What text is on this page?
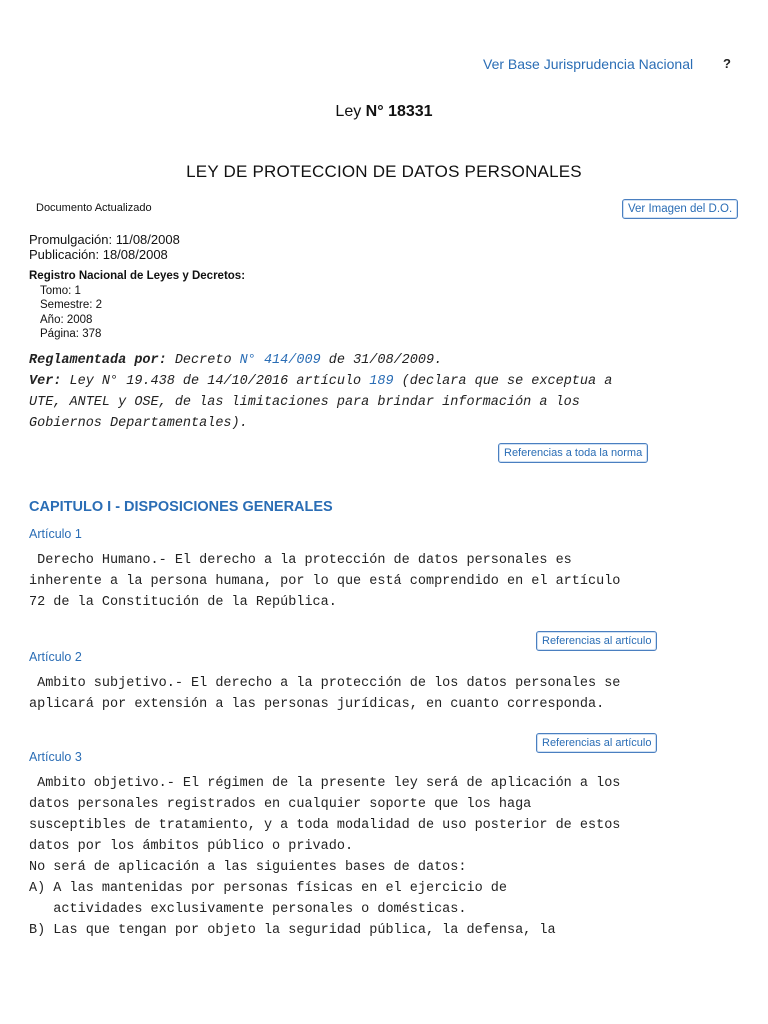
Ver Base Jurisprudencia Nacional ?
Ley N° 18331
LEY DE PROTECCION DE DATOS PERSONALES
Documento Actualizado	Ver Imagen del D.O.
Promulgación: 11/08/2008
Publicación: 18/08/2008
Registro Nacional de Leyes y Decretos:
Tomo: 1
Semestre: 2
Año: 2008
Página: 378
Reglamentada por: Decreto N° 414/009 de 31/08/2009.
Ver: Ley N° 19.438 de 14/10/2016 artículo 189 (declara que se exceptua a
UTE, ANTEL y OSE, de las limitaciones para brindar información a los
Gobiernos Departamentales).
Referencias a toda la norma
CAPITULO I - DISPOSICIONES GENERALES
Artículo 1
Derecho Humano.- El derecho a la protección de datos personales es
inherente a la persona humana, por lo que está comprendido en el artículo
72 de la Constitución de la República.
Referencias al artículo
Artículo 2
Ambito subjetivo.- El derecho a la protección de los datos personales se
aplicará por extensión a las personas jurídicas, en cuanto corresponda.
Referencias al artículo
Artículo 3
Ambito objetivo.- El régimen de la presente ley será de aplicación a los
datos personales registrados en cualquier soporte que los haga
susceptibles de tratamiento, y a toda modalidad de uso posterior de estos
datos por los ámbitos público o privado.
No será de aplicación a las siguientes bases de datos:
A) A las mantenidas por personas físicas en el ejercicio de
actividades exclusivamente personales o domésticas.
B) Las que tengan por objeto la seguridad pública, la defensa, la
